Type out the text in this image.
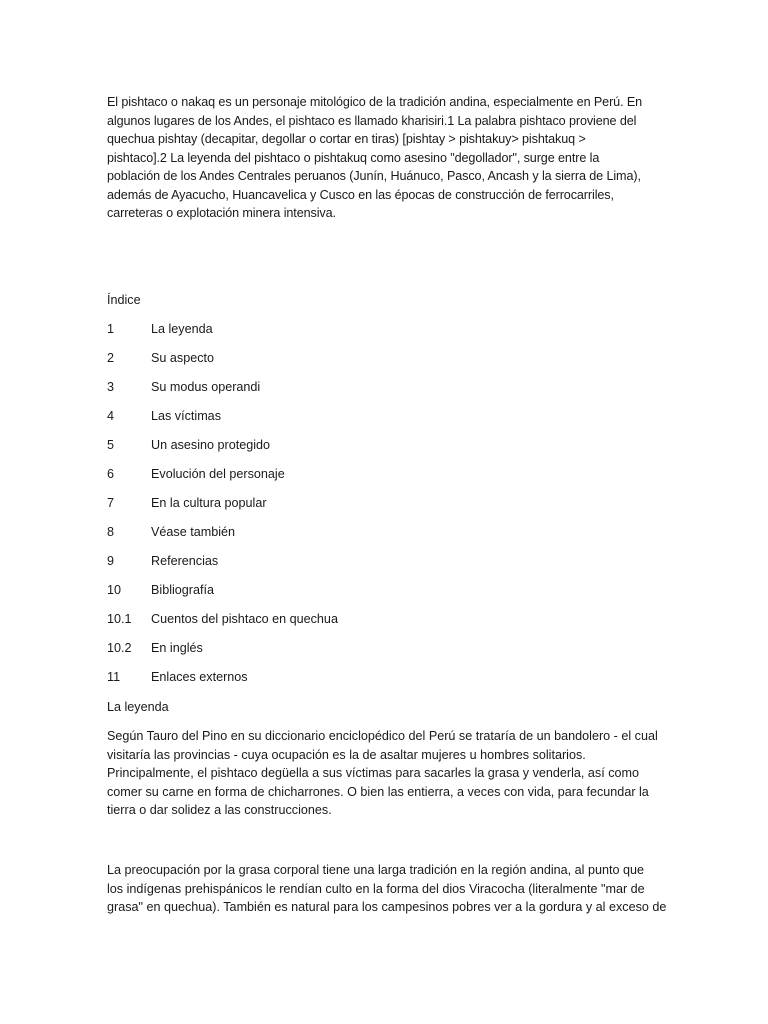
El pishtaco o nakaq es un personaje mitológico de la tradición andina, especialmente en Perú. En
algunos lugares de los Andes, el pishtaco es llamado kharisiri.1 La palabra pishtaco proviene del
quechua pishtay (decapitar, degollar o cortar en tiras) [pishtay > pishtakuy> pishtakuq >
pishtaco].2 La leyenda del pishtaco o pishtakuq como asesino "degollador", surge entre la
población de los Andes Centrales peruanos (Junín, Huánuco, Pasco, Ancash y la sierra de Lima),
además de Ayacucho, Huancavelica y Cusco en las épocas de construcción de ferrocarriles,
carreteras o explotación minera intensiva.

Índice
1	La leyenda
2	Su aspecto
3	Su modus operandi
4	Las víctimas
5	Un asesino protegido
6	Evolución del personaje
7	En la cultura popular
8	Véase también
9	Referencias
10	Bibliografía
10.1	Cuentos del pishtaco en quechua
10.2	En inglés
11	Enlaces externos
La leyenda

Según Tauro del Pino en su diccionario enciclopédico del Perú se trataría de un bandolero - el cual
visitaría las provincias - cuya ocupación es la de asaltar mujeres u hombres solitarios.
Principalmente, el pishtaco degüella a sus víctimas para sacarles la grasa y venderla, así como
comer su carne en forma de chicharrones. O bien las entierra, a veces con vida, para fecundar la
tierra o dar solidez a las construcciones.

La preocupación por la grasa corporal tiene una larga tradición en la región andina, al punto que
los indígenas prehispánicos le rendían culto en la forma del dios Viracocha (literalmente "mar de
grasa" en quechua). También es natural para los campesinos pobres ver a la gordura y al exceso de
